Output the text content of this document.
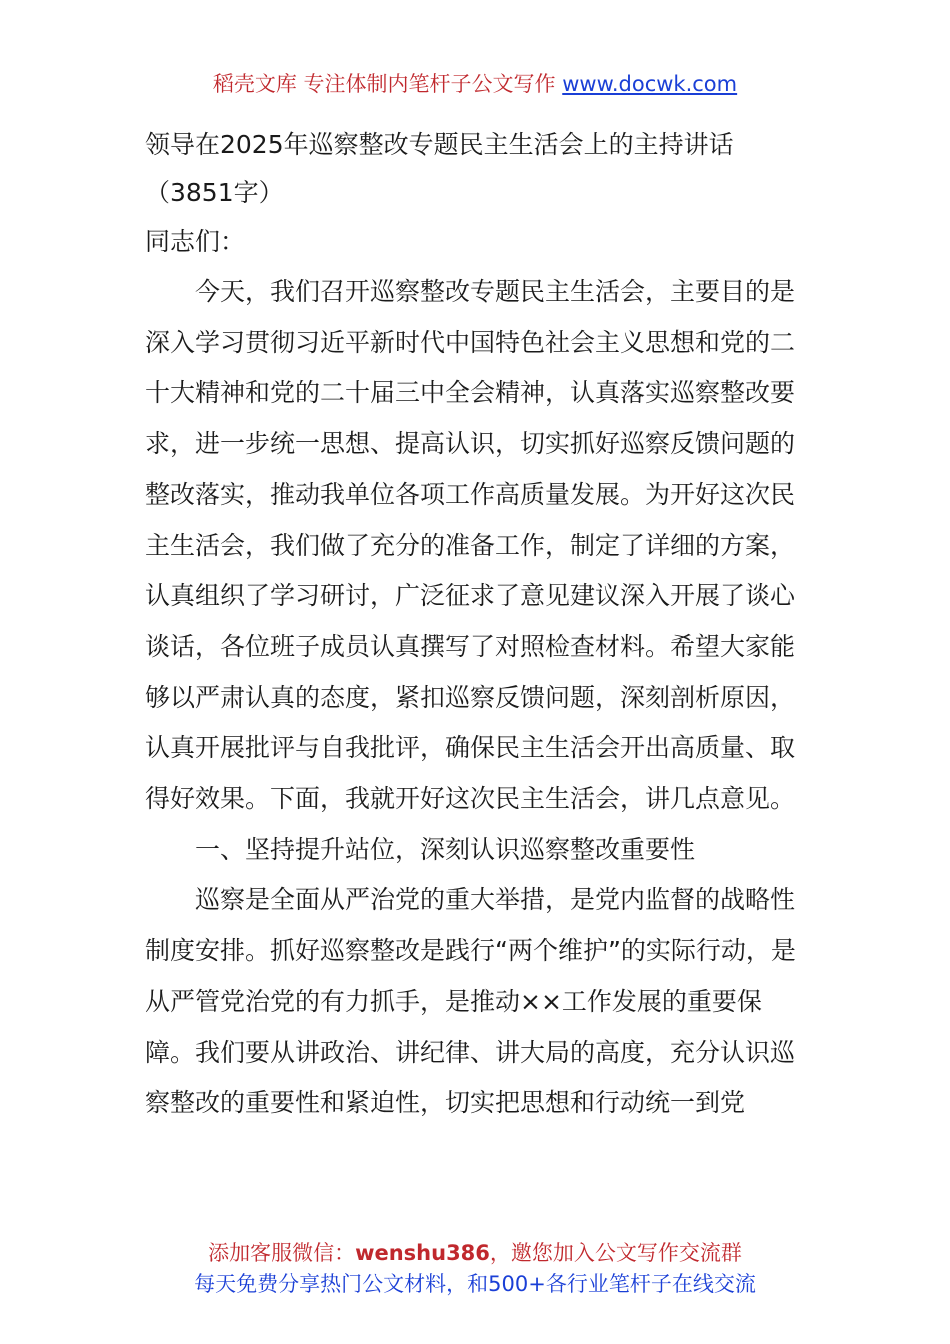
稻壳文库 专注体制内笔杆子公文写作 www.docwk.com

领导在2025年巡察整改专题民主生活会上的主持讲话

（3851字）

同志们：

今天，我们召开巡察整改专题民主生活会，主要目的是深入学习贯彻习近平新时代中国特色社会主义思想和党的二十大精神和党的二十届三中全会精神，认真落实巡察整改要求，进一步统一思想、提高认识，切实抓好巡察反馈问题的整改落实，推动我单位各项工作高质量发展。为开好这次民主生活会，我们做了充分的准备工作，制定了详细的方案，认真组织了学习研讨，广泛征求了意见建议深入开展了谈心谈话，各位班子成员认真撰写了对照检查材料。希望大家能够以严肃认真的态度，紧扣巡察反馈问题，深刻剖析原因，认真开展批评与自我批评，确保民主生活会开出高质量、取得好效果。下面，我就开好这次民主生活会，讲几点意见。

一、坚持提升站位，深刻认识巡察整改重要性

巡察是全面从严治党的重大举措，是党内监督的战略性制度安排。抓好巡察整改是践行“两个维护”的实际行动，是从严管党治党的有力抓手，是推动××工作发展的重要保障。我们要从讲政治、讲纪律、讲大局的高度，充分认识巡察整改的重要性和紧迫性，切实把思想和行动统一到党

添加客服微信：wenshu386，邀您加入公文写作交流群
每天免费分享热门公文材料，和500+各行业笔杆子在线交流
